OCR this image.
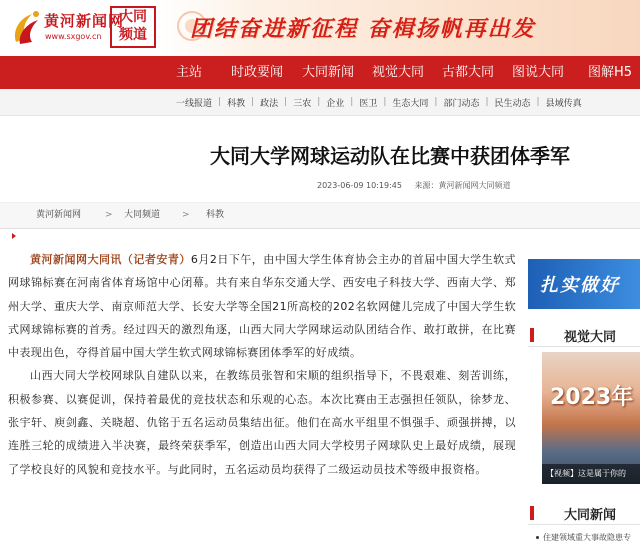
黄河新闻网
www.sxgov.cn
大同
频道	团结奋进新征程 奋楫扬帆再出发
主站 时政要闻 大同新闻 视觉大同 古都大同 图说大同 图解H5
一线报道 | 科教 | 政法 | 三农 | 企业 | 医卫 | 生态大同 | 部门动态 | 民生动态 | 县域传真
大同大学网球运动队在比赛中获团体季军
2023-06-09 10:19:45 来源：黄河新闻网大同频道
黄河新闻网	> 大同频道 > 科教

黄河新闻网大同讯（记者安青）6月2日下午，由中国大学生体育协会主办的首届中国大学生软式网球锦标赛在河南省体育场馆中心闭幕。共有来自华东交通大学、西安电子科技大学、西南大学、郑州大学、重庆大学、南京师范大学、长安大学等全国21所高校的202名软网健儿完成了中国大学生软式网球锦标赛的首秀。经过四天的激烈角逐，山西大同大学网球运动队团结合作、敢打敢拼，在比赛中表现出色，夺得首届中国大学生软式网球锦标赛团体季军的好成绩。

山西大同大学校网球队自建队以来，在教练员张智和宋顺的组织指导下，不畏艰难、刻苦训练，积极参赛、以赛促训，保持着最优的竞技状态和乐观的心态。本次比赛由王志强担任领队，徐梦龙、张宇轩、庾剑鑫、关晓超、仇铭于五名运动员集结出征。他们在高水平组里不惧强手、顽强拼搏，以连胜三轮的成绩进入半决赛，最终荣获季军，创造出山西大同大学校男子网球队史上最好成绩，展现了学校良好的风貌和竞技水平。与此同时，五名运动员均获得了二级运动员技术等级申报资格。

扎实做好
视觉大同
2023年
【视频】这是属于你的
大同新闻
住建领域重大事故隐患专
